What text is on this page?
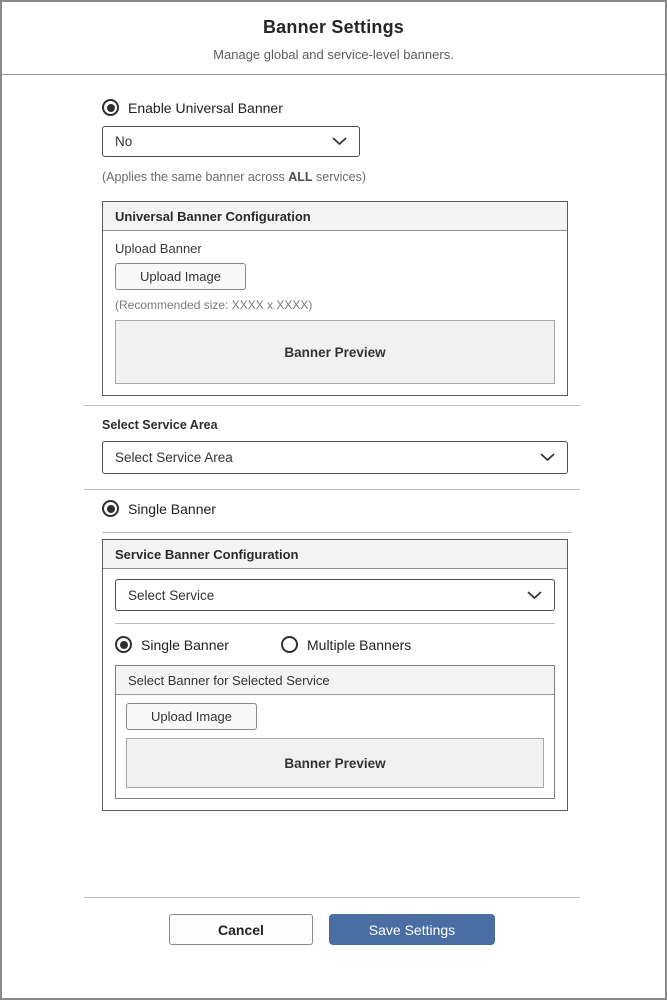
Banner Settings

Manage global and service-level banners.

Enable Universal Banner
No
(Applies the same banner across ALL services)
Universal Banner Configuration
Upload Banner
Upload Image
(Recommended size: XXXX x XXXX)
Banner Preview
Select Service Area
Select Service Area
Single Banner
Service Banner Configuration
Select Service
Single Banner	Multiple Banners
Select Banner for Selected Service
Upload Image
Banner Preview
Cancel	Save Settings
